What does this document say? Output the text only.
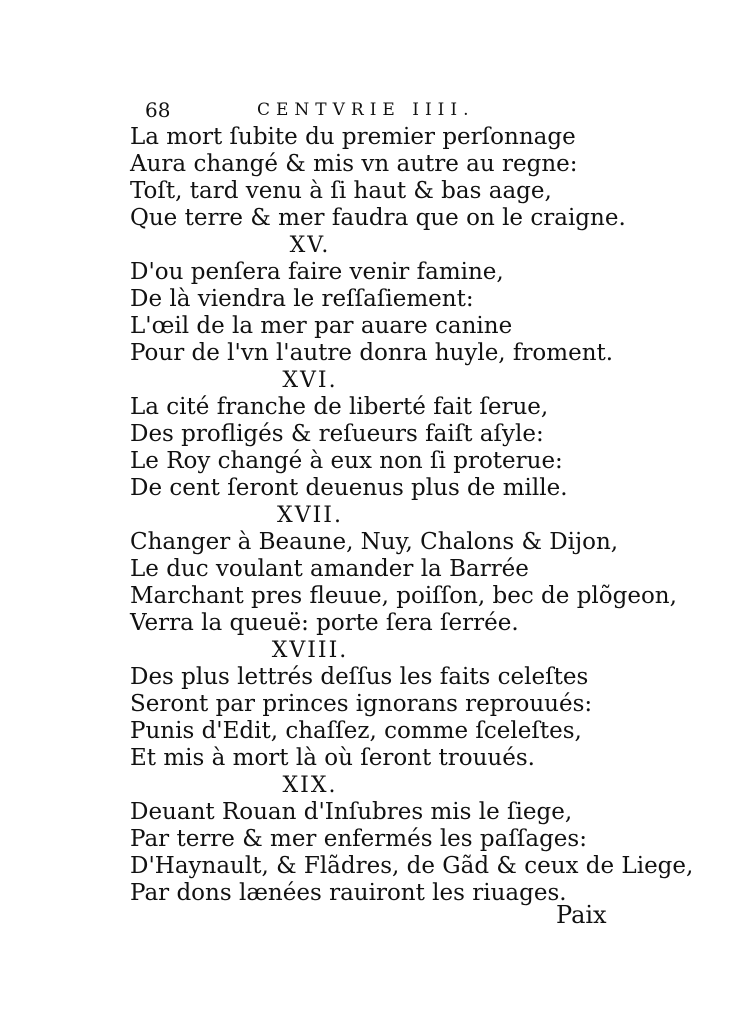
68	CENTVRIE IIII.
La mort ſubite du premier perſonnage
Aura changé & mis vn autre au regne:
Toſt, tard venu à ſi haut & bas aage,
Que terre & mer faudra que on le craigne.
XV.
D'ou penſera faire venir famine,
De là viendra le reſſaſiement:
L'œil de la mer par auare canine
Pour de l'vn l'autre donra huyle, froment.
XVI.
La cité franche de liberté fait ſerue,
Des profligés & reſueurs faiſt aſyle:
Le Roy changé à eux non ſi proterue:
De cent ſeront deuenus plus de mille.
XVII.
Changer à Beaune, Nuy, Chalons & Dijon,
Le duc voulant amander la Barrée
Marchant pres fleuue, poiſſon, bec de plõgeon,
Verra la queuë: porte ſera ſerrée.
XVIII.
Des plus lettrés deſſus les faits celeſtes
Seront par princes ignorans reprouués:
Punis d'Edit, chaſſez, comme ſceleſtes,
Et mis à mort là où ſeront trouués.
XIX.
Deuant Rouan d'Inſubres mis le ſiege,
Par terre & mer enfermés les paſſages:
D'Haynault, & Flãdres, de Gãd & ceux de Liege,
Par dons lænées rauiront les riuages.
Paix
